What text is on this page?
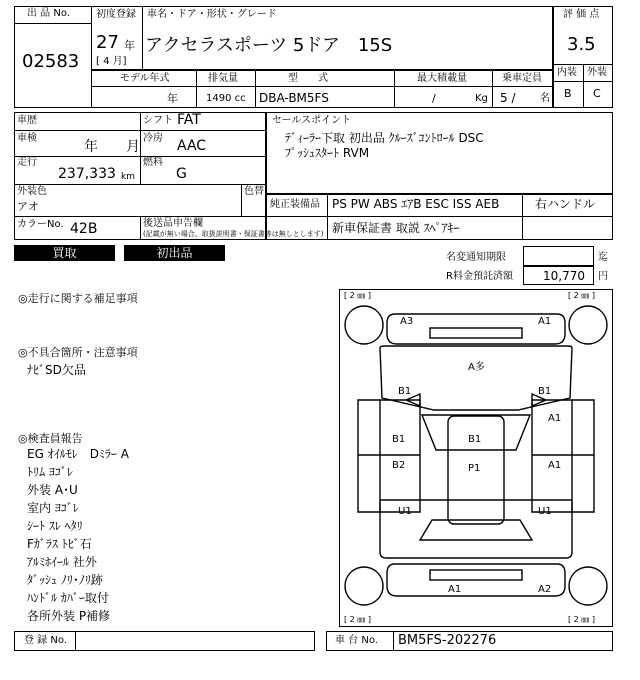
出 品 No.
02583
初度登録
27 年
[ 4 月]
車名・ドア・形状・グレード
アクセラスポーツ 5ドア　15S
評 価 点
3.5
内装 外装
B C
モデル年式	排気量	型　　式	最大積載量	乗車定員
年	1490 cc DBA-BM5FS	/	Kg 5 / 名
車歴	シフト FAT
車検
年　　月
冷房 AAC
走行
237,333 km
燃料
G
外装色
アオ
色替
カラーNo. 42B	後送品申告欄
(記載が無い場合、取扱説明書・保証書等は無しとします)
セールスポイント
ﾃﾞｨｰﾗｰ下取 初出品 ｸﾙｰｽﾞｺﾝﾄﾛｰﾙ DSC
ﾌﾟｯｼｭｽﾀｰﾄ RVM
純正装備品 PS PW ABS ｴｱB ESC ISS AEB	右ハンドル
新車保証書 取説 ｽﾍﾟｱｷｰ
買取	初出品	名変通知期限	迄
R料金預託済額	10,770 円
◎走行に関する補足事項
◎不具合箇所・注意事項
ﾅﾋﾞSD欠品
◎検査員報告
EG ｵｲﾙﾓﾚ　Dﾐﾗｰ A
ﾄﾘﾑ ﾖｺﾞﾚ
外装 A･U
室内 ﾖｺﾞﾚ
ｼｰﾄ ｽﾚ ﾍﾀﾘ
Fｶﾞﾗｽ ﾄﾋﾞ石
ｱﾙﾐﾎｲｰﾙ 社外
ﾀﾞｯｼｭ ﾉﾘ･ﾉﾘ跡
ﾊﾝﾄﾞﾙ ｶﾊﾞｰ取付
各所外装 P補修
[ 2 ㎜ ]	[ 2 ㎜ ]
[ 2 ㎜ ]	[ 2 ㎜ ]
A3	A1
A多
B1	B1
A1
B1	B1
B2	P1	A1
U1	U1
A1	A2
登 録 No.	車 台 No. BM5FS-202276
